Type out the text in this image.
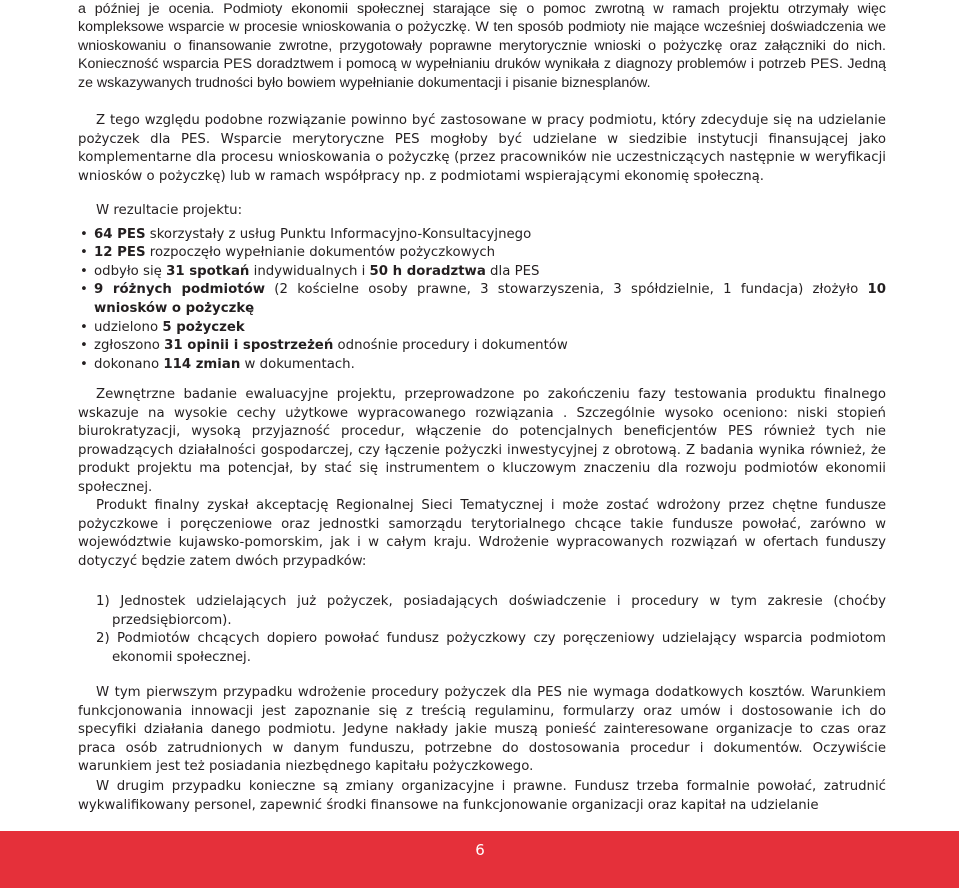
a później je ocenia. Podmioty ekonomii społecznej starające się o pomoc zwrotną w ramach projektu otrzymały więc kompleksowe wsparcie w procesie wnioskowania o pożyczkę. W ten sposób podmioty nie mające wcześniej doświadczenia we wnioskowaniu o finansowanie zwrotne, przygotowały poprawne merytorycznie wnioski o pożyczkę oraz załączniki do nich. Konieczność wsparcia PES doradztwem i pomocą w wypełnianiu druków wynikała z diagnozy problemów i potrzeb PES. Jedną ze wskazywanych trudności było bowiem wypełnianie dokumentacji i pisanie biznesplanów.

Z tego względu podobne rozwiązanie powinno być zastosowane w pracy podmiotu, który zdecyduje się na udzielanie pożyczek dla PES. Wsparcie merytoryczne PES mogłoby być udzielane w siedzibie instytucji finansującej jako komplementarne dla procesu wnioskowania o pożyczkę (przez pracowników nie uczestniczących następnie w weryfikacji wniosków o pożyczkę) lub w ramach współpracy np. z podmiotami wspierającymi ekonomię społeczną.

W rezultacie projektu:

• 64 PES skorzystały z usług Punktu Informacyjno-Konsultacyjnego
• 12 PES rozpoczęło wypełnianie dokumentów pożyczkowych
• odbyło się 31 spotkań indywidualnych i 50 h doradztwa dla PES
• 9 różnych podmiotów (2 kościelne osoby prawne, 3 stowarzyszenia, 3 spółdzielnie, 1 fundacja) złożyło 10 wniosków o pożyczkę
• udzielono 5 pożyczek
• zgłoszono 31 opinii i spostrzeżeń odnośnie procedury i dokumentów
• dokonano 114 zmian w dokumentach.

Zewnętrzne badanie ewaluacyjne projektu, przeprowadzone po zakończeniu fazy testowania produktu finalnego wskazuje na wysokie cechy użytkowe wypracowanego rozwiązania . Szczególnie wysoko oceniono: niski stopień biurokratyzacji, wysoką przyjazność procedur, włączenie do potencjalnych beneficjentów PES również tych nie prowadzących działalności gospodarczej, czy łączenie pożyczki inwestycyjnej z obrotową. Z badania wynika również, że produkt projektu ma potencjał, by stać się instrumentem o kluczowym znaczeniu dla rozwoju podmiotów ekonomii społecznej.

Produkt finalny zyskał akceptację Regionalnej Sieci Tematycznej i może zostać wdrożony przez chętne fundusze pożyczkowe i poręczeniowe oraz jednostki samorządu terytorialnego chcące takie fundusze powołać, zarówno w województwie kujawsko-pomorskim, jak i w całym kraju. Wdrożenie wypracowanych rozwiązań w ofertach funduszy dotyczyć będzie zatem dwóch przypadków:

1) Jednostek udzielających już pożyczek, posiadających doświadczenie i procedury w tym zakresie (choćby przedsiębiorcom).
2) Podmiotów chcących dopiero powołać fundusz pożyczkowy czy poręczeniowy udzielający wsparcia podmiotom ekonomii społecznej.

W tym pierwszym przypadku wdrożenie procedury pożyczek dla PES nie wymaga dodatkowych kosztów. Warunkiem funkcjonowania innowacji jest zapoznanie się z treścią regulaminu, formularzy oraz umów i dostosowanie ich do specyfiki działania danego podmiotu. Jedyne nakłady jakie muszą ponieść zainteresowane organizacje to czas oraz praca osób zatrudnionych w danym funduszu, potrzebne do dostosowania procedur i dokumentów. Oczywiście warunkiem jest też posiadania niezbędnego kapitału pożyczkowego.

W drugim przypadku konieczne są zmiany organizacyjne i prawne. Fundusz trzeba formalnie powołać, zatrudnić wykwalifikowany personel, zapewnić środki finansowe na funkcjonowanie organizacji oraz kapitał na udzielanie

6
